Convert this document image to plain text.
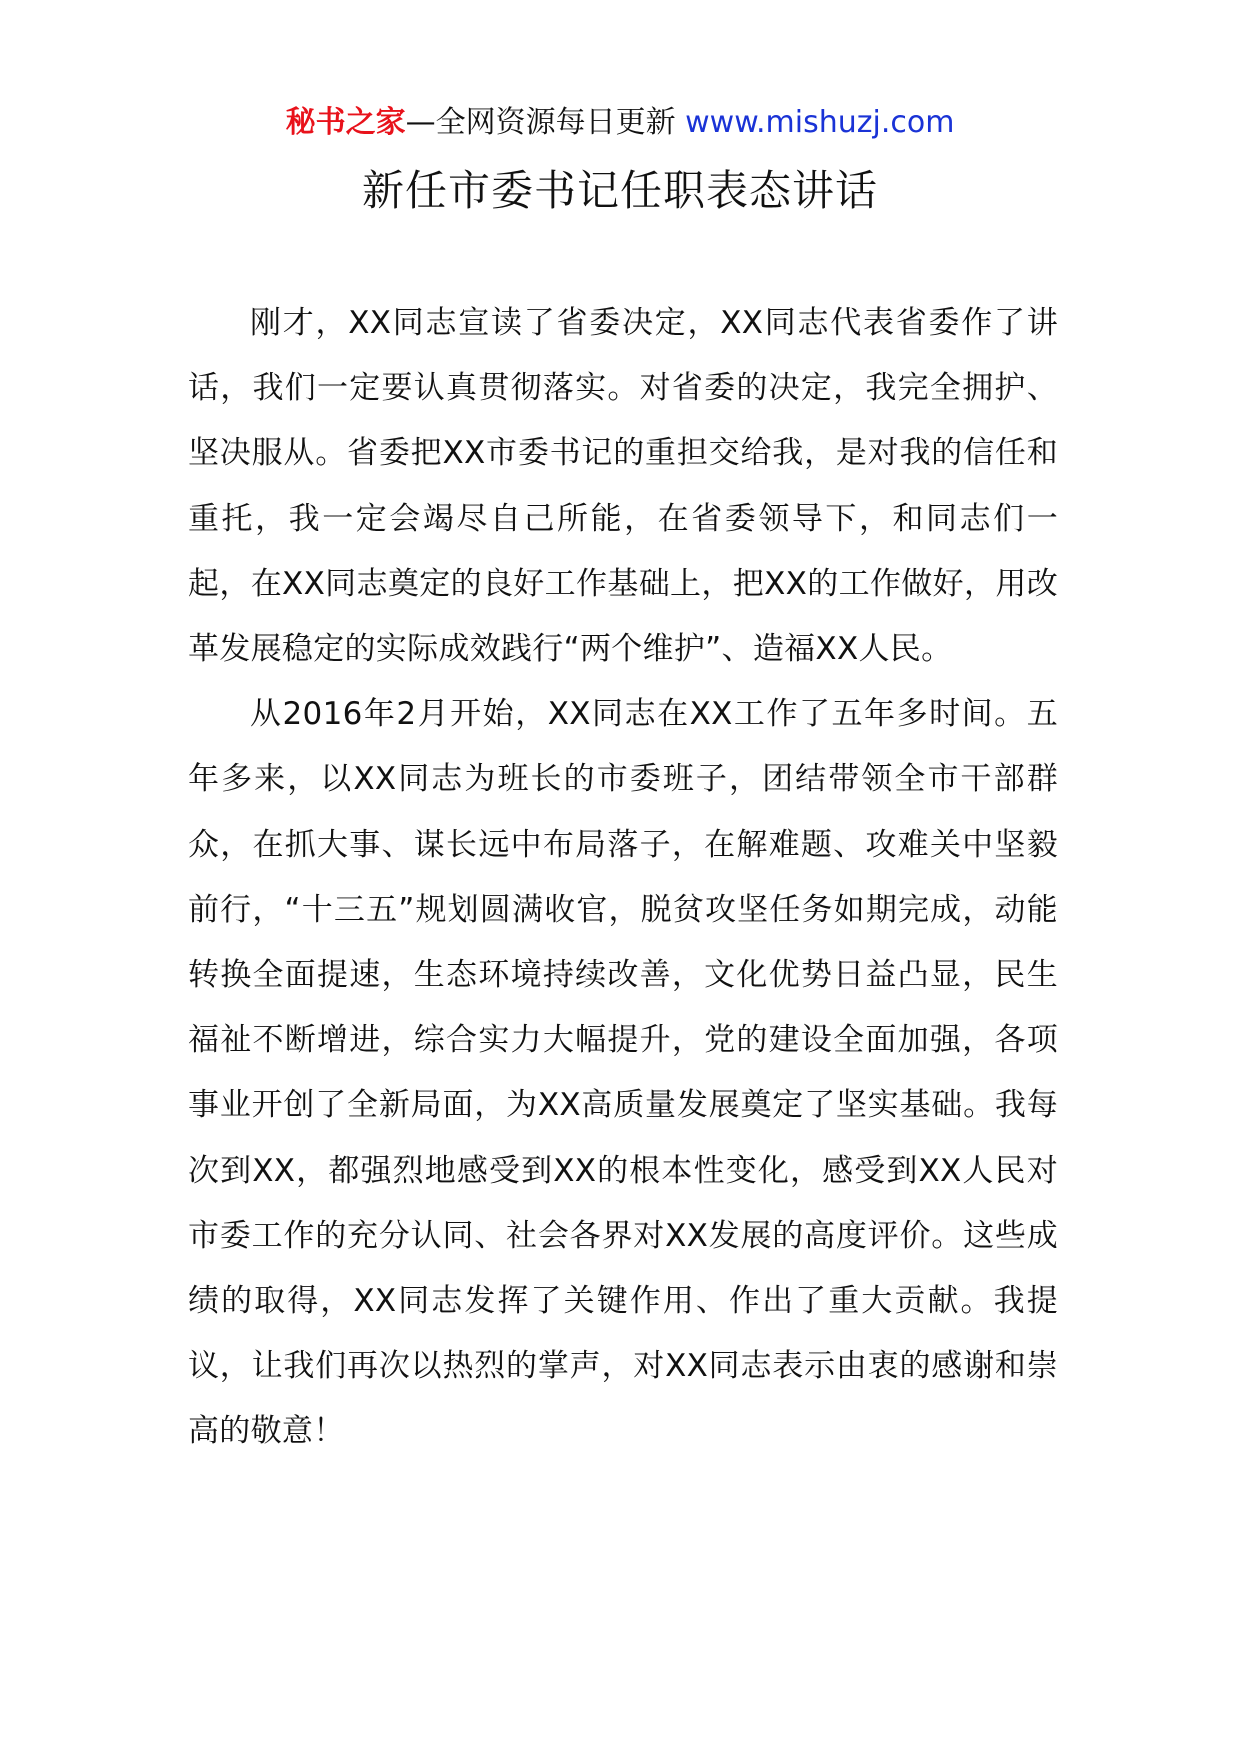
秘书之家—全网资源每日更新 www.mishuzj.com
新任市委书记任职表态讲话

刚才，XX同志宣读了省委决定，XX同志代表省委作了讲话，我们一定要认真贯彻落实。对省委的决定，我完全拥护、坚决服从。省委把XX市委书记的重担交给我，是对我的信任和重托，我一定会竭尽自己所能，在省委领导下，和同志们一起，在XX同志奠定的良好工作基础上，把XX的工作做好，用改革发展稳定的实际成效践行“两个维护”、造福XX人民。

从2016年2月开始，XX同志在XX工作了五年多时间。五年多来，以XX同志为班长的市委班子，团结带领全市干部群众，在抓大事、谋长远中布局落子，在解难题、攻难关中坚毅前行，“十三五”规划圆满收官，脱贫攻坚任务如期完成，动能转换全面提速，生态环境持续改善，文化优势日益凸显，民生福祉不断增进，综合实力大幅提升，党的建设全面加强，各项事业开创了全新局面，为XX高质量发展奠定了坚实基础。我每次到XX，都强烈地感受到XX的根本性变化，感受到XX人民对市委工作的充分认同、社会各界对XX发展的高度评价。这些成绩的取得，XX同志发挥了关键作用、作出了重大贡献。我提议，让我们再次以热烈的掌声，对XX同志表示由衷的感谢和崇高的敬意！
